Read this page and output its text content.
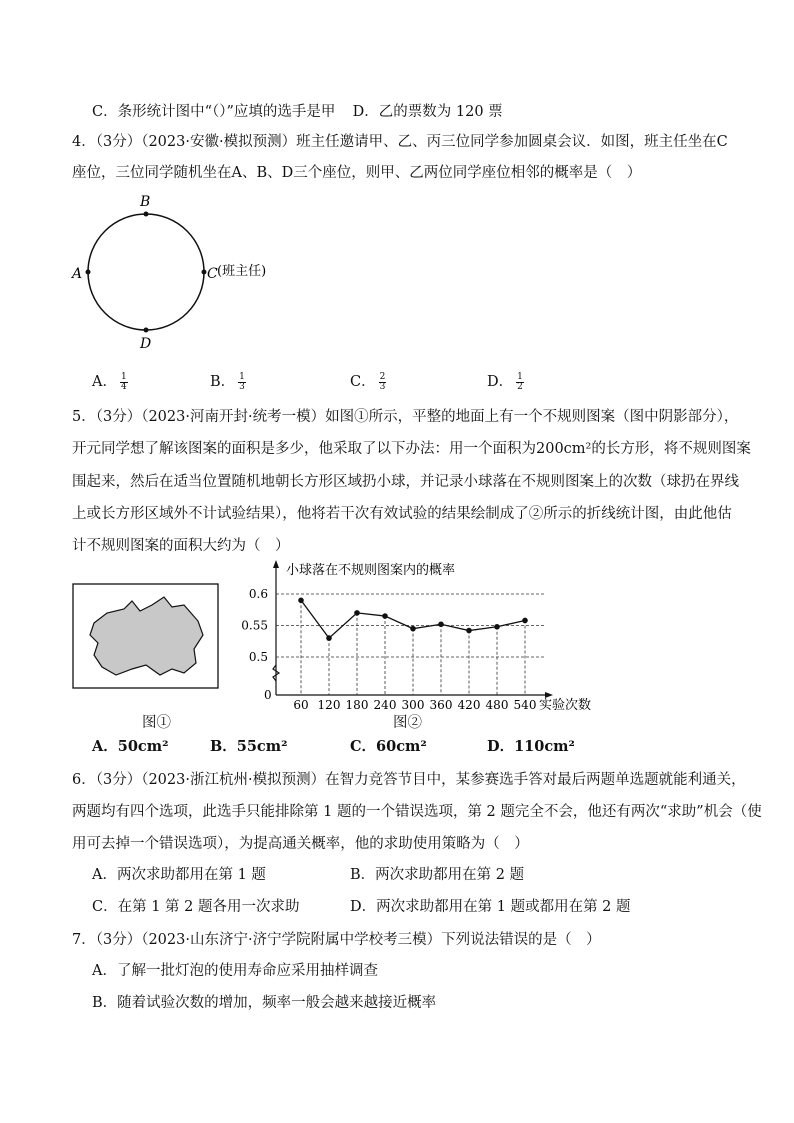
C．条形统计图中“（）”应填的选手是甲 D．乙的票数为 120 票
4．（3分）（2023·安徽·模拟预测）班主任邀请甲、乙、丙三位同学参加圆桌会议．如图，班主任坐在C
座位，三位同学随机坐在A、B、D三个座位，则甲、乙两位同学座位相邻的概率是（　）
A
B
C
D
(班主任)
A． $\frac{1}{4}$	B． $\frac{1}{3}$	C． $\frac{2}{3}$	D． $\frac{1}{2}$
5．（3分）（2023·河南开封·统考一模）如图①所示，平整的地面上有一个不规则图案（图中阴影部分），
开元同学想了解该图案的面积是多少，他采取了以下办法：用一个面积为200cm²的长方形，将不规则图案
围起来，然后在适当位置随机地朝长方形区域扔小球，并记录小球落在不规则图案上的次数（球扔在界线
上或长方形区域外不计试验结果），他将若干次有效试验的结果绘制成了②所示的折线统计图，由此他估
计不规则图案的面积大约为（　）
图①
小球落在不规则图案内的概率
0
实验次数
0.5
0.55
0.6
60 120 180 240 300 360 420 480 540
图②
A．50cm²	B．55cm²	C．60cm²	D．110cm²
6．（3分）（2023·浙江杭州·模拟预测）在智力竞答节目中，某参赛选手答对最后两题单选题就能利通关，
两题均有四个选项，此选手只能排除第 1 题的一个错误选项，第 2 题完全不会，他还有两次“求助”机会（使
用可去掉一个错误选项），为提高通关概率，他的求助使用策略为（　）
A．两次求助都用在第 1 题	B．两次求助都用在第 2 题
C．在第 1 第 2 题各用一次求助	D．两次求助都用在第 1 题或都用在第 2 题
7．（3分）（2023·山东济宁·济宁学院附属中学校考三模）下列说法错误的是（　）
A．了解一批灯泡的使用寿命应采用抽样调查
B．随着试验次数的增加，频率一般会越来越接近概率
